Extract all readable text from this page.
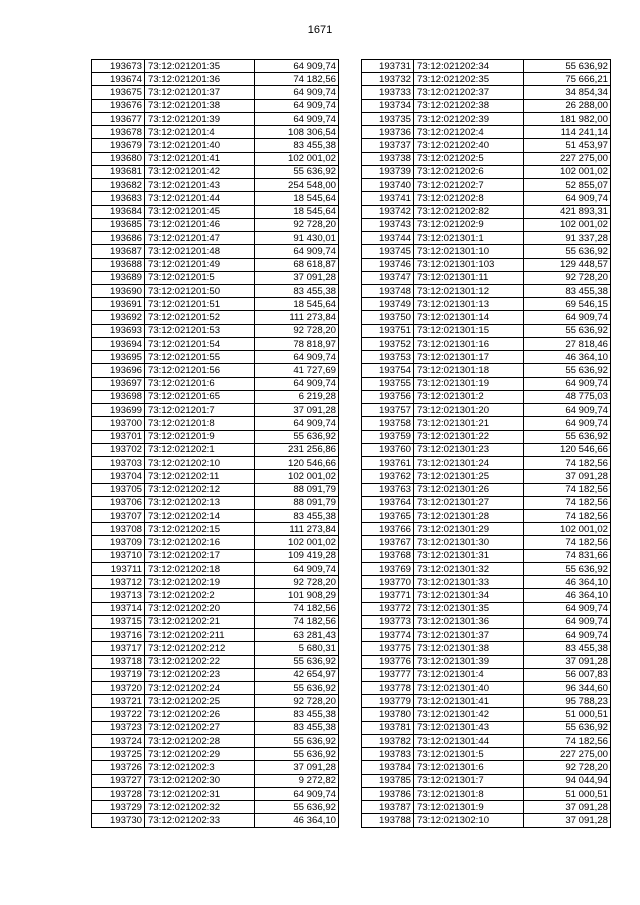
1671
193673	73:12:021201:35	64 909,74
193674	73:12:021201:36	74 182,56
193675	73:12:021201:37	64 909,74
193676	73:12:021201:38	64 909,74
193677	73:12:021201:39	64 909,74
193678	73:12:021201:4	108 306,54
193679	73:12:021201:40	83 455,38
193680	73:12:021201:41	102 001,02
193681	73:12:021201:42	55 636,92
193682	73:12:021201:43	254 548,00
193683	73:12:021201:44	18 545,64
193684	73:12:021201:45	18 545,64
193685	73:12:021201:46	92 728,20
193686	73:12:021201:47	91 430,01
193687	73:12:021201:48	64 909,74
193688	73:12:021201:49	68 618,87
193689	73:12:021201:5	37 091,28
193690	73:12:021201:50	83 455,38
193691	73:12:021201:51	18 545,64
193692	73:12:021201:52	111 273,84
193693	73:12:021201:53	92 728,20
193694	73:12:021201:54	78 818,97
193695	73:12:021201:55	64 909,74
193696	73:12:021201:56	41 727,69
193697	73:12:021201:6	64 909,74
193698	73:12:021201:65	6 219,28
193699	73:12:021201:7	37 091,28
193700	73:12:021201:8	64 909,74
193701	73:12:021201:9	55 636,92
193702	73:12:021202:1	231 256,86
193703	73:12:021202:10	120 546,66
193704	73:12:021202:11	102 001,02
193705	73:12:021202:12	88 091,79
193706	73:12:021202:13	88 091,79
193707	73:12:021202:14	83 455,38
193708	73:12:021202:15	111 273,84
193709	73:12:021202:16	102 001,02
193710	73:12:021202:17	109 419,28
193711	73:12:021202:18	64 909,74
193712	73:12:021202:19	92 728,20
193713	73:12:021202:2	101 908,29
193714	73:12:021202:20	74 182,56
193715	73:12:021202:21	74 182,56
193716	73:12:021202:211	63 281,43
193717	73:12:021202:212	5 680,31
193718	73:12:021202:22	55 636,92
193719	73:12:021202:23	42 654,97
193720	73:12:021202:24	55 636,92
193721	73:12:021202:25	92 728,20
193722	73:12:021202:26	83 455,38
193723	73:12:021202:27	83 455,38
193724	73:12:021202:28	55 636,92
193725	73:12:021202:29	55 636,92
193726	73:12:021202:3	37 091,28
193727	73:12:021202:30	9 272,82
193728	73:12:021202:31	64 909,74
193729	73:12:021202:32	55 636,92
193730	73:12:021202:33	46 364,10
193731	73:12:021202:34	55 636,92
193732	73:12:021202:35	75 666,21
193733	73:12:021202:37	34 854,34
193734	73:12:021202:38	26 288,00
193735	73:12:021202:39	181 982,00
193736	73:12:021202:4	114 241,14
193737	73:12:021202:40	51 453,97
193738	73:12:021202:5	227 275,00
193739	73:12:021202:6	102 001,02
193740	73:12:021202:7	52 855,07
193741	73:12:021202:8	64 909,74
193742	73:12:021202:82	421 893,31
193743	73:12:021202:9	102 001,02
193744	73:12:021301:1	91 337,28
193745	73:12:021301:10	55 636,92
193746	73:12:021301:103	129 448,57
193747	73:12:021301:11	92 728,20
193748	73:12:021301:12	83 455,38
193749	73:12:021301:13	69 546,15
193750	73:12:021301:14	64 909,74
193751	73:12:021301:15	55 636,92
193752	73:12:021301:16	27 818,46
193753	73:12:021301:17	46 364,10
193754	73:12:021301:18	55 636,92
193755	73:12:021301:19	64 909,74
193756	73:12:021301:2	48 775,03
193757	73:12:021301:20	64 909,74
193758	73:12:021301:21	64 909,74
193759	73:12:021301:22	55 636,92
193760	73:12:021301:23	120 546,66
193761	73:12:021301:24	74 182,56
193762	73:12:021301:25	37 091,28
193763	73:12:021301:26	74 182,56
193764	73:12:021301:27	74 182,56
193765	73:12:021301:28	74 182,56
193766	73:12:021301:29	102 001,02
193767	73:12:021301:30	74 182,56
193768	73:12:021301:31	74 831,66
193769	73:12:021301:32	55 636,92
193770	73:12:021301:33	46 364,10
193771	73:12:021301:34	46 364,10
193772	73:12:021301:35	64 909,74
193773	73:12:021301:36	64 909,74
193774	73:12:021301:37	64 909,74
193775	73:12:021301:38	83 455,38
193776	73:12:021301:39	37 091,28
193777	73:12:021301:4	56 007,83
193778	73:12:021301:40	96 344,60
193779	73:12:021301:41	95 788,23
193780	73:12:021301:42	51 000,51
193781	73:12:021301:43	55 636,92
193782	73:12:021301:44	74 182,56
193783	73:12:021301:5	227 275,00
193784	73:12:021301:6	92 728,20
193785	73:12:021301:7	94 044,94
193786	73:12:021301:8	51 000,51
193787	73:12:021301:9	37 091,28
193788	73:12:021302:10	37 091,28
